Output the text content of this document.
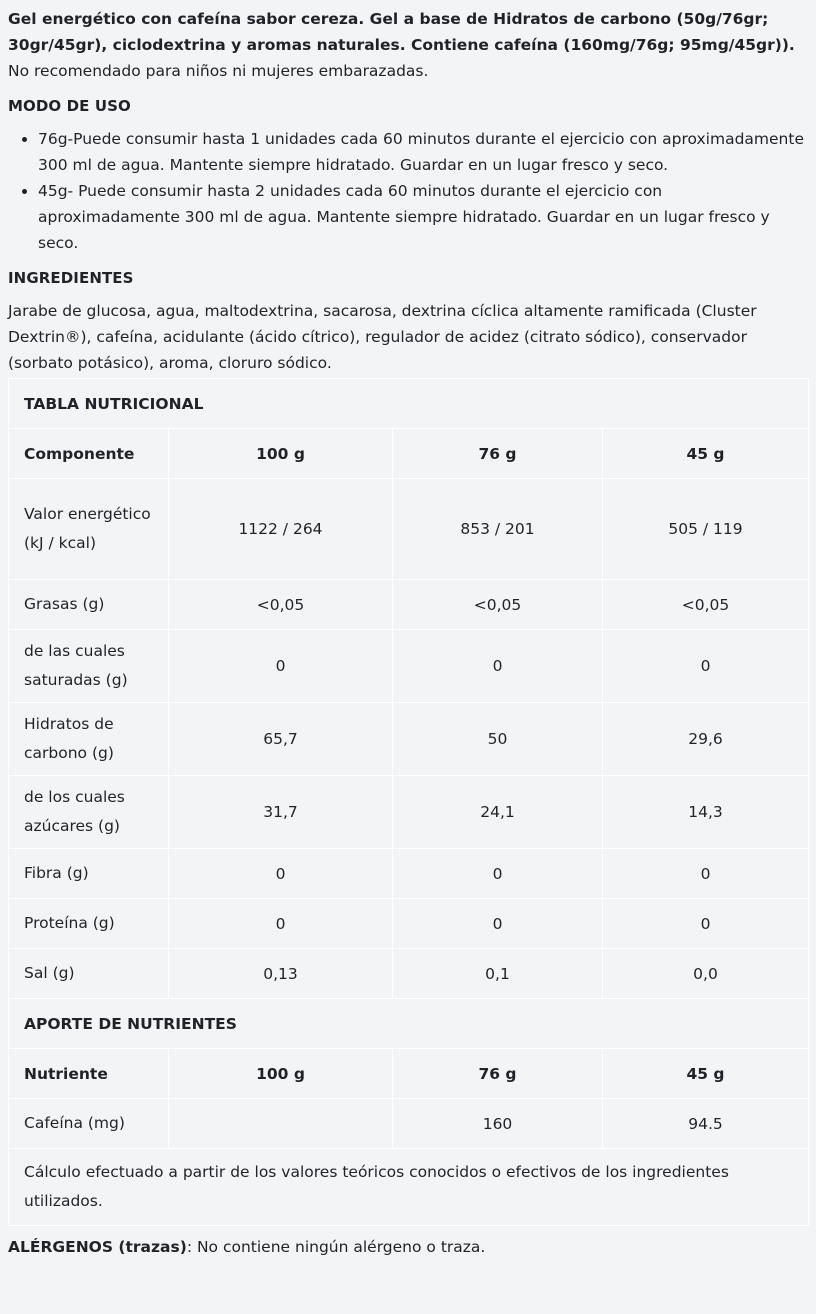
Gel energético con cafeína sabor cereza. Gel a base de Hidratos de carbono (50g/76gr; 30gr/45gr), ciclodextrina y aromas naturales. Contiene cafeína (160mg/76g; 95mg/45gr)). No recomendado para niños ni mujeres embarazadas.

MODO DE USO
• 76g-Puede consumir hasta 1 unidades cada 60 minutos durante el ejercicio con aproximadamente 300 ml de agua. Mantente siempre hidratado. Guardar en un lugar fresco y seco.
• 45g- Puede consumir hasta 2 unidades cada 60 minutos durante el ejercicio con aproximadamente 300 ml de agua. Mantente siempre hidratado. Guardar en un lugar fresco y seco.
INGREDIENTES

Jarabe de glucosa, agua, maltodextrina, sacarosa, dextrina cíclica altamente ramificada (Cluster Dextrin®), cafeína, acidulante (ácido cítrico), regulador de acidez (citrato sódico), conservador (sorbato potásico), aroma, cloruro sódico.

TABLA NUTRICIONAL			
Componente	100 g	76 g	45 g
Valor energético (kJ / kcal)	1122 / 264	853 / 201	505 / 119
Grasas (g)	<0,05	<0,05	<0,05
de las cuales saturadas (g)	0	0	0
Hidratos de carbono (g)	65,7	50	29,6
de los cuales azúcares (g)	31,7	24,1	14,3
Fibra (g)	0	0	0
Proteína (g)	0	0	0
Sal (g)	0,13	0,1	0,0
APORTE DE NUTRIENTES			
Nutriente	100 g	76 g	45 g
Cafeína (mg)		160	94.5
Cálculo efectuado a partir de los valores teóricos conocidos o efectivos de los ingredientes utilizados.			

ALÉRGENOS (trazas): No contiene ningún alérgeno o traza.
